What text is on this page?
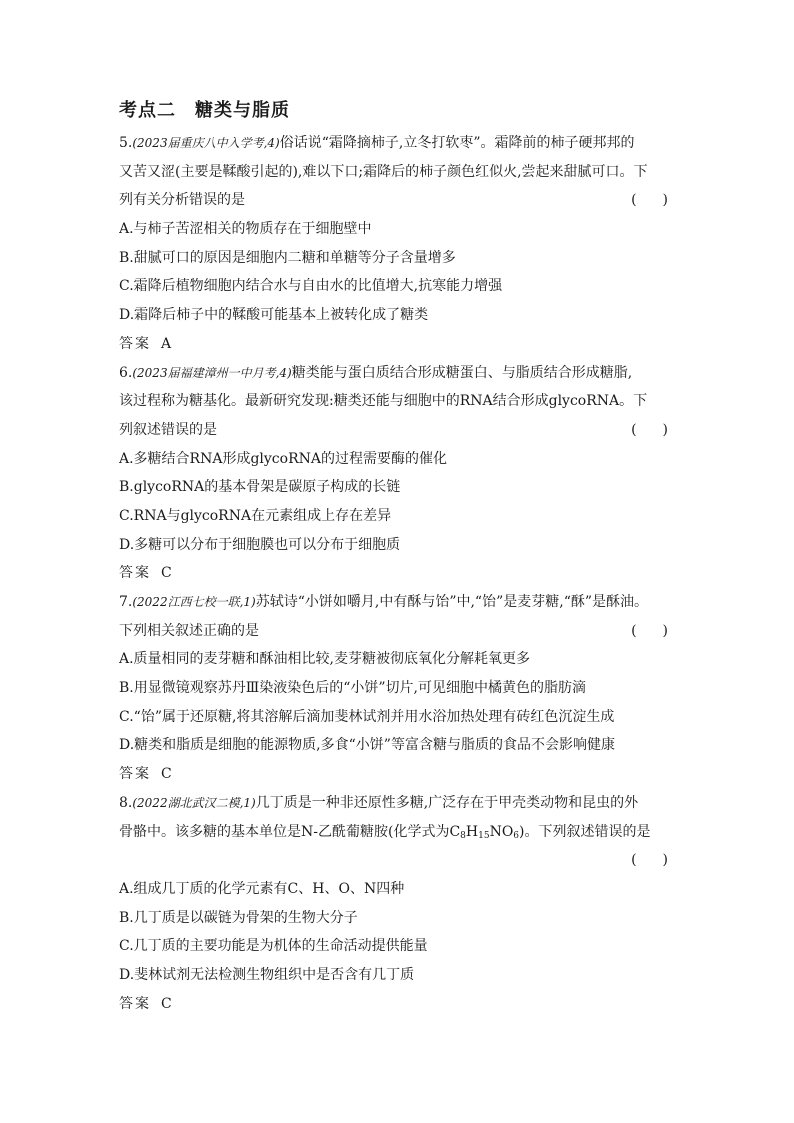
考点二　糖类与脂质
5.(2023届重庆八中入学考,4)俗话说“霜降摘柿子,立冬打软枣”。霜降前的柿子硬邦邦的
又苦又涩(主要是鞣酸引起的),难以下口;霜降后的柿子颜色红似火,尝起来甜腻可口。下
列有关分析错误的是	(　)
A.与柿子苦涩相关的物质存在于细胞壁中
B.甜腻可口的原因是细胞内二糖和单糖等分子含量增多
C.霜降后植物细胞内结合水与自由水的比值增大,抗寒能力增强
D.霜降后柿子中的鞣酸可能基本上被转化成了糖类
答案 A
6.(2023届福建漳州一中月考,4)糖类能与蛋白质结合形成糖蛋白、与脂质结合形成糖脂,
该过程称为糖基化。最新研究发现:糖类还能与细胞中的RNA结合形成glycoRNA。下
列叙述错误的是	(　)
A.多糖结合RNA形成glycoRNA的过程需要酶的催化
B.glycoRNA的基本骨架是碳原子构成的长链
C.RNA与glycoRNA在元素组成上存在差异
D.多糖可以分布于细胞膜也可以分布于细胞质
答案 C
7.(2022江西七校一联,1)苏轼诗“小饼如嚼月,中有酥与饴”中,“饴”是麦芽糖,“酥”是酥油。
下列相关叙述正确的是	(　)
A.质量相同的麦芽糖和酥油相比较,麦芽糖被彻底氧化分解耗氧更多
B.用显微镜观察苏丹Ⅲ染液染色后的“小饼”切片,可见细胞中橘黄色的脂肪滴
C.“饴”属于还原糖,将其溶解后滴加斐林试剂并用水浴加热处理有砖红色沉淀生成
D.糖类和脂质是细胞的能源物质,多食“小饼”等富含糖与脂质的食品不会影响健康
答案 C
8.(2022湖北武汉二模,1)几丁质是一种非还原性多糖,广泛存在于甲壳类动物和昆虫的外
骨骼中。该多糖的基本单位是N-乙酰葡糖胺(化学式为$C_8H_{15}NO_6$)。下列叙述错误的是
(　)
A.组成几丁质的化学元素有C、H、O、N四种
B.几丁质是以碳链为骨架的生物大分子
C.几丁质的主要功能是为机体的生命活动提供能量
D.斐林试剂无法检测生物组织中是否含有几丁质
答案 C
